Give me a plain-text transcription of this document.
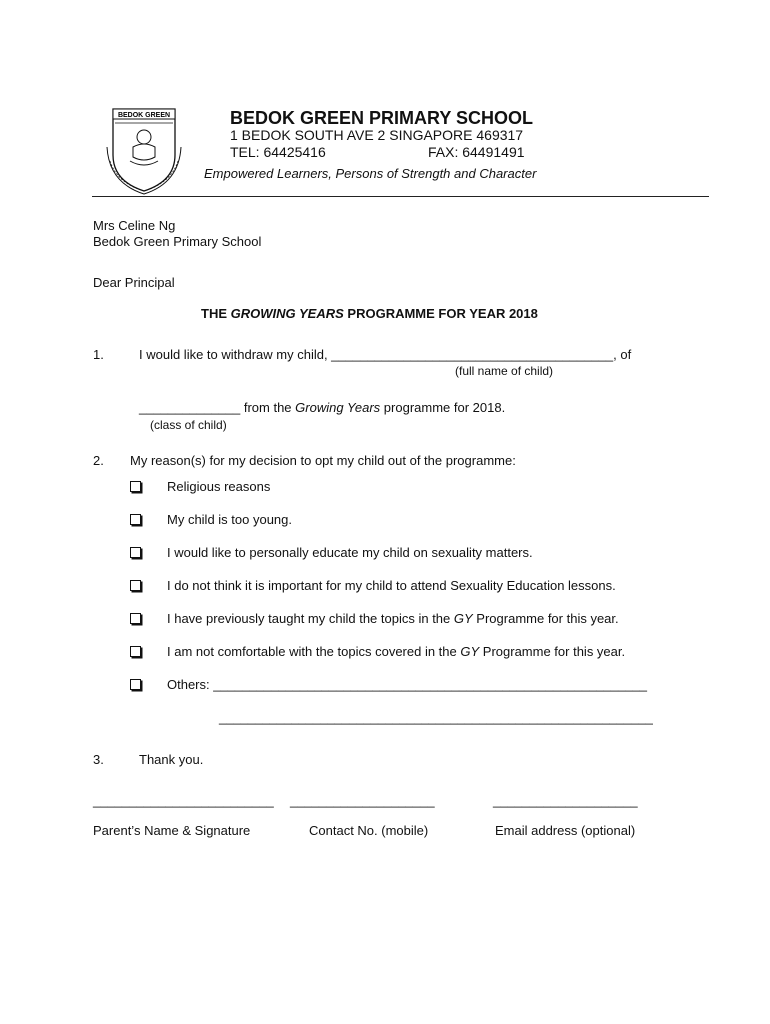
BEDOK GREEN	BEDOK GREEN PRIMARY SCHOOL
1 BEDOK SOUTH AVE 2 SINGAPORE 469317
TEL: 64425416	FAX: 64491491
Empowered Learners, Persons of Strength and Character
Mrs Celine Ng
Bedok Green Primary School
Dear Principal
THE GROWING YEARS PROGRAMME FOR YEAR 2018
1.	I would like to withdraw my child, _______________________________________, of
(full name of child)
______________ from the Growing Years programme for 2018.
(class of child)
2. My reason(s) for my decision to opt my child out of the programme:
Religious reasons
My child is too young.
I would like to personally educate my child on sexuality matters.
I do not think it is important for my child to attend Sexuality Education lessons.
I have previously taught my child the topics in the GY Programme for this year.
I am not comfortable with the topics covered in the GY Programme for this year.
Others: ____________________________________________________________
____________________________________________________________
3.	Thank you.
_________________________ ____________________	____________________
Parent’s Name & Signature	Contact No. (mobile)	Email address (optional)
